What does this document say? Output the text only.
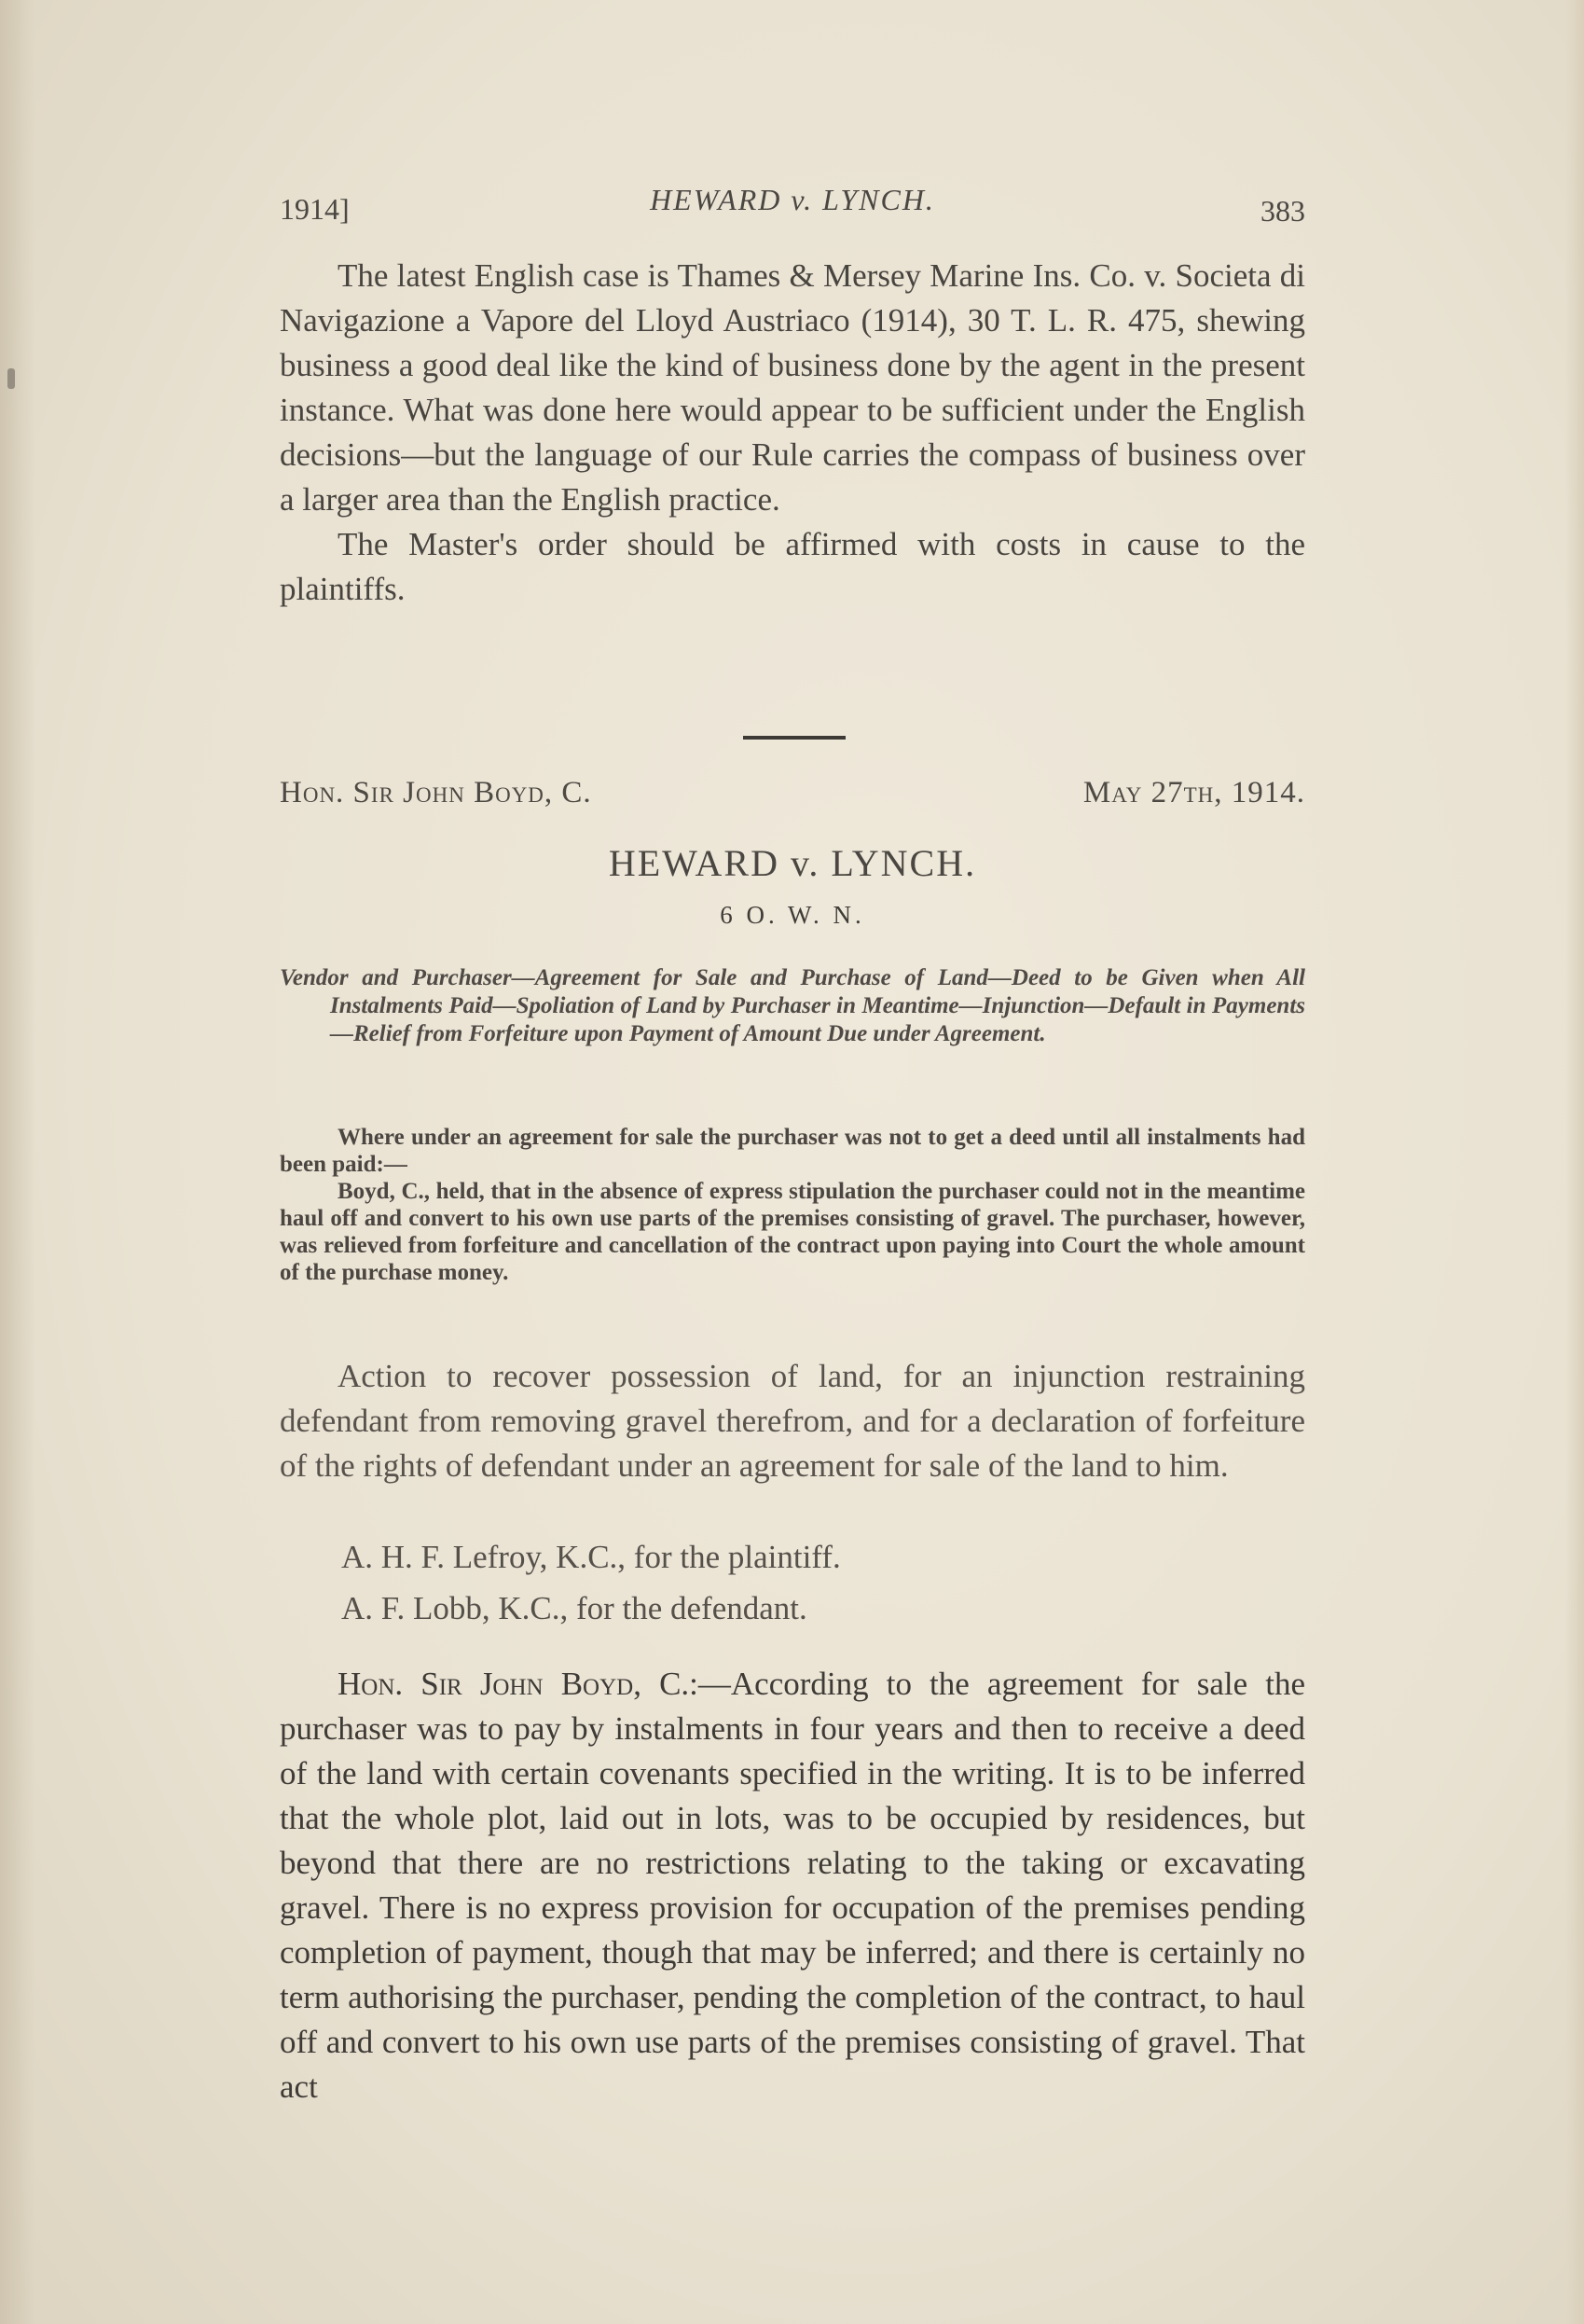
1914]	HEWARD v. LYNCH.	383

The latest English case is Thames & Mersey Marine Ins. Co. v. Societa di Navigazione a Vapore del Lloyd Austriaco (1914), 30 T. L. R. 475, shewing business a good deal like the kind of business done by the agent in the present instance. What was done here would appear to be sufficient under the English decisions—but the language of our Rule carries the compass of business over a larger area than the English practice.

The Master's order should be affirmed with costs in cause to the plaintiffs.

Hon. Sir John Boyd, C.	May 27th, 1914.
HEWARD v. LYNCH.
6 O. W. N.
Vendor and Purchaser—Agreement for Sale and Purchase of Land—Deed to be Given when All Instalments Paid—Spoliation of Land by Purchaser in Meantime—Injunction—Default in Payments—Relief from Forfeiture upon Payment of Amount Due under Agreement.

Where under an agreement for sale the purchaser was not to get a deed until all instalments had been paid:—

Boyd, C., held, that in the absence of express stipulation the purchaser could not in the meantime haul off and convert to his own use parts of the premises consisting of gravel. The purchaser, however, was relieved from forfeiture and cancellation of the contract upon paying into Court the whole amount of the purchase money.

Action to recover possession of land, for an injunction restraining defendant from removing gravel therefrom, and for a declaration of forfeiture of the rights of defendant under an agreement for sale of the land to him.

A. H. F. Lefroy, K.C., for the plaintiff.
A. F. Lobb, K.C., for the defendant.

Hon. Sir John Boyd, C.:—According to the agreement for sale the purchaser was to pay by instalments in four years and then to receive a deed of the land with certain covenants specified in the writing. It is to be inferred that the whole plot, laid out in lots, was to be occupied by residences, but beyond that there are no restrictions relating to the taking or excavating gravel. There is no express provision for occupation of the premises pending completion of payment, though that may be inferred; and there is certainly no term authorising the purchaser, pending the completion of the contract, to haul off and convert to his own use parts of the premises consisting of gravel. That act
